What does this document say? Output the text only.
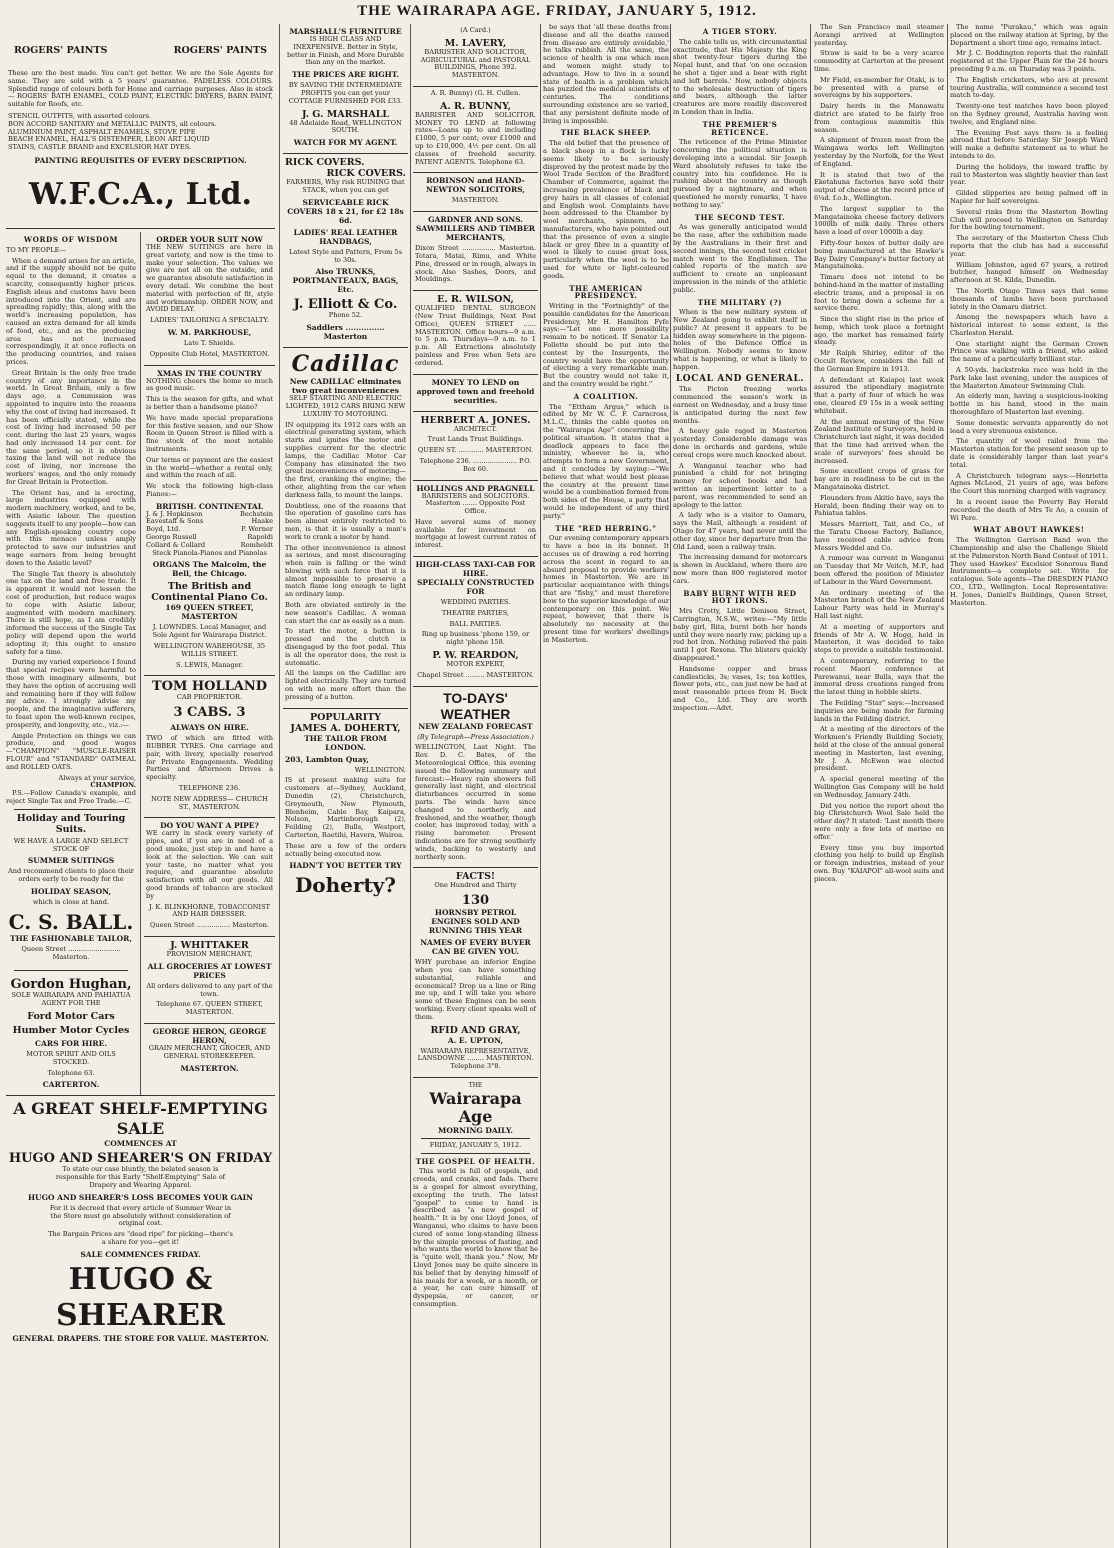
THE WAIRARAPA AGE. FRIDAY, JANUARY 5, 1912.
ROGERS' PAINTS	ROGERS' PAINTS

These are the best made. You can't get better. We are the Sole Agents for same. They are sold with a 5 years' guarantee. FADELESS COLOURS. Splendid range of colours both for Home and carriage purposes. Also in stock — ROGERS' BATH ENAMEL, COLD PAINT, ELECTRIC DRYERS, BARN PAINT, suitable for Roofs, etc.

STENCIL OUTFITS, with assorted colours.
BON ACCORD SANITARY and METALLIC PAINTS, all colours.
ALUMINIUM PAINT, ASPHALT ENAMELS, STOVE PIPE
BEACH ENAMEL, HALL'S DISTEMPER, LEON ART LIQUID
STAINS, CASTLE BRAND and EXCELSIOR HAT DYES.

PAINTING REQUISITES OF EVERY DESCRIPTION.

W.F.C.A., Ltd.
WORDS OF WISDOM

TO MY PEOPLE—

When a demand arises for an article, and if the supply should not be quite equal to the demand, it creates a scarcity, consequently higher prices. English ideas and customs have been introduced into the Orient, and are spreading rapidly; this, along with the world's increasing population, has caused an extra demand for all kinds of food, etc., and as the producing area has not increased correspondingly, it at once reflects on the producing countries, and raises prices.

Great Britain is the only free trade country of any importance in the world. In Great Britain, only a few days ago, a Commission was appointed to inquire into the reasons why the cost of living had increased. It has been officially stated, while the cost of living had increased 50 per cent. during the last 25 years, wages had only increased 14 per cent. for the same period, so it is obvious taxing the land will not reduce the cost of living, nor increase the workers' wages, and the only remedy for Great Britain is Protection.

The Orient has, and is erecting, large industries equipped with modern machinery, worked, and to be, with Asiatic labour. The question suggests itself to any people—how can any English-speaking country cope with this menace unless amply protected to save our industries and wage earners from being brought down to the Asiatic level?

The Single Tax theory is absolutely one tax on the land and free trade. It is apparent it would not lessen the cost of production, but reduce wages to cope with Asiatic labour, augmented with modern machinery. There is still hope, as I am credibly informed the success of the Single Tax policy will depend upon the world adopting it; this ought to ensure safety for a time.

During my varied experience I found that special recipes were harmful to those with imaginary ailments, but they have the option of accrusing well and remaining here if they will follow my advice. I strongly advise my people, and the imaginative sufferers, to feast upon the well-known recipes, prosperity, and longevity, etc., viz.:—

Ample Protection on things we can produce, and good wages—"CHAMPION" "MUSCLE-RAISER FLOUR" and "STANDARD" OATMEAL and ROLLED OATS.

Always at your service,
CHAMPION.

P.S.—Follow Canada's example, and reject Single Tax and Free Trade.—C.

Holiday and Touring Suits.

WE HAVE A LARGE AND SELECT STOCK OF

SUMMER SUITINGS

And recommend clients to place their orders early to be ready for the

HOLIDAY SEASON,

which is close at hand.

C. S. BALL.

THE FASHIONABLE TAILOR,

Queen Street ......................... Masterton.

Gordon Hughan,

SOLE WAIRARAPA AND PAHIATUA AGENT FOR THE

Ford Motor Cars

Humber Motor Cycles

CARS FOR HIRE.

MOTOR SPIRIT AND OILS STOCKED.

Telephone 63.

CARTERTON.

ORDER YOUR SUIT NOW

THE NEW SUITINGS are here in great variety, and now is the time to make your selection. The values we give are not all on the outside, and we guarantee absolute satisfaction in every detail. We combine the best material with perfection of fit, style and workmanship. ORDER NOW, and AVOID DELAY.

LADIES' TAILORING A SPECIALTY.

W. M. PARKHOUSE,

Late T. Shields.

Opposite Club Hotel, MASTERTON.

XMAS IN THE COUNTRY

NOTHING cheers the home so much as good music.

This is the season for gifts, and what is better than a handsome piano?

We have made special preparations for this festive season, and our Show Room in Queen Street is filled with a fine stock of the most notable instruments.

Our terms or payment are the easiest in the world—whether a rental only, and within the reach of all.

We stock the following high-class Pianos:—

BRITISH. CONTINENTAL
J. & J. Hopkinson	Bechstein
Eavestaff & Sons	Haake
Boyd, Ltd.	P. Werner
George Russell	Rapoldi
Collard & Collard	Romheldt

Steck Pianola-Pianos and Pianolas

ORGANS The Malcolm, the Bell, the Chicago.

The British and Continental Piano Co.

169 QUEEN STREET, MASTERTON

J. LOWNDES. Local Manager, and Sole Agent for Wairarapa District.

WELLINGTON WAREHOUSE, 35 WILLIS STREET.

S. LEWIS, Manager.

TOM HOLLAND

CAB PROPRIETOR.

3 CABS. 3

ALWAYS ON HIRE.

TWO of which are fitted with RUBBER TYRES. One carriage and pair, with livery, specially reserved for Private Engagements. Wedding Parties and Afternoon Drives a specialty.

TELEPHONE 236.

NOTE NEW ADDRESS— CHURCH ST., MASTERTON.

DO YOU WANT A PIPE?

WE carry in stock every variety of pipes, and if you are in need of a good smoke, just step in and have a look at the selection. We can suit your taste, no matter what you require, and guarantee absolute satisfaction with all our goods. All good brands of tobacco are stocked by

J. K. BLINKHORNE, TOBACCONIST AND HAIR DRESSER.

Queen Street ................ Masterton.

J. WHITTAKER

PROVISION MERCHANT,

ALL GROCERIES AT LOWEST PRICES

All orders delivered to any part of the town.

Telephone 67. QUEEN STREET, MASTERTON.

GEORGE HERON, GEORGE HERON,

GRAIN MERCHANT, GROCER, AND GENERAL STOREKEEPER.

MASTERTON.

A GREAT SHELF-EMPTYING SALE

COMMENCES AT

HUGO AND SHEARER'S ON FRIDAY

To state our case bluntly, the belated season is responsible for this Early "Shelf-Emptying" Sale of Drapery and Wearing Apparel.

HUGO AND SHEARER'S LOSS BECOMES YOUR GAIN

For it is decreed that every article of Summer Wear in the Store must go absolutely without consideration of original cost.

The Bargain Prices are "dead ripe" for picking—there's a share for you—get it!

SALE COMMENCES FRIDAY.

HUGO & SHEARER

GENERAL DRAPERS. THE STORE FOR VALUE. MASTERTON.

MARSHALL'S FURNITURE

IS HIGH CLASS AND INEXPENSIVE. Better in Style, better in Finish, and More Durable than any on the market.

THE PRICES ARE RIGHT.

BY SAVING THE INTERMEDIATE PROFITS you can get your COTTAGE FURNISHED FOR £33.

J. G. MARSHALL

48 Adelaide Road, WELLINGTON SOUTH.

WATCH FOR MY AGENT.

RICK COVERS.
RICK COVERS.

FARMERS, Why risk RUINING that STACK, when you can get

SERVICEABLE RICK COVERS 18 x 21, for £2 18s 6d.

LADIES' REAL LEATHER HANDBAGS,

Latest Style and Pattern, From 5s to 30s.

Also TRUNKS, PORTMANTEAUX, BAGS, Etc.

J. Elliott & Co.

Phone 52.

Saddlers ............... Masterton

Cadillac
New CADILLAC eliminates two great inconveniences

SELF STARTING AND ELECTRIC LIGHTED, 1912 CARS BRING NEW LUXURY TO MOTORING.

IN equipping its 1912 cars with an electrical generating system, which starts and ignites the motor and supplies current for the electric lamps, the Cadillac Motor Car Company has eliminated the two great inconveniences of motoring—the first, cranking the engine; the other, alighting from the car when darkness falls, to mount the lamps.

Doubtless, one of the reasons that the operation of gasoline cars has been almost entirely restricted to men, is that it is usually a man's work to crank a motor by hand.

The other inconvenience is almost as serious, and most discouraging when rain is falling or the wind blowing with such force that it is almost impossible to preserve a match flame long enough to light an ordinary lamp.

Both are obviated entirely in the new season's Cadillac. A woman can start the car as easily as a man.

To start the motor, a button is pressed and the clutch is disengaged by the foot pedal. This is all the operator does, the rest is automatic.

All the lamps on the Cadillac are lighted electrically. They are turned on with no more effort than the pressing of a button.

POPULARITY
JAMES A. DOHERTY,

THE TAILOR FROM LONDON.

203, Lambton Quay,

WELLINGTON.

IS at present making suits for customers at—Sydney, Auckland, Dunedin (2), Christchurch, Greymouth, New Plymouth, Blenheim, Cable Bay, Kaipara, Nelson, Martinborough (2), Feilding (2), Bulls, Westport, Carterton, Raetihi, Havera, Wairoa.

These are a few of the orders actually being executed now.

HADN'T YOU BETTER TRY

Doherty?

(A Card.)

M. LAVERY,

BARRISTER AND SOLICITOR, AGRICULTURAL and PASTORAL BUILDINGS, Phone 392. MASTERTON.

A. R. Bunny) (G. H. Cullen.

A. R. BUNNY,

BARRISTER AND SOLICITOR. MONEY TO LEND at following rates—Loans up to and including £1000, 5 per cent; over £1000 and up to £10,000, 4½ per cent. On all classes of freehold security. PATENT AGENTS. Telephone 63.

ROBINSON and HAND-NEWTON SOLICITORS,

MASTERTON.

GARDNER AND SONS. SAWMILLERS AND TIMBER MERCHANTS,

Dixon Street ................ Masterton. Totara, Matai, Rimu, and White Pine, dressed or in rough, always in stock. Also Sashes, Doors, and Mouldings.

E. R. WILSON,

QUALIFIED DENTAL SURGEON (New Trust Buildings, Next Post Office), QUEEN STREET ...... MASTERTON. Office hours—9 a.m. to 5 p.m. Thursdays—9 a.m. to 1 p.m. All Extractions absolutely painless and Free when Sets are ordered.

MONEY TO LEND on approved town and freehold securities.

HERBERT A. JONES.

ARCHITECT.

Trust Lands Trust Buildings.

QUEEN ST. ............ MASTERTON.

Telephone 236. ..................... P.O. Box 60.

HOLLINGS AND PRAGNELL

BARRISTERS and SOLICITORS. Masterton ....... Opposite Post Office.

Have several sums of money available for investment on mortgage at lowest current rates of interest.

HIGH-CLASS TAXI-CAB FOR HIRE.

SPECIALLY CONSTRUCTED FOR

WEDDING PARTIES.

THEATRE PARTIES,

BALL PARTIES.

Ring up business 'phone 159, or night 'phone 158.

P. W. REARDON,

MOTOR EXPERT,

Chapel Street ......... MASTERTON.

TO-DAYS' WEATHER

NEW ZEALAND FORECAST

(By Telegraph—Press Association.)

WELLINGTON, Last Night. The Rev. D. C. Bates, of the Meteorological Office, this evening issued the following summary and forecast:—Heavy rain showers fell generally last night, and electrical disturbances occurred in some parts. The winds have since changed to northerly, and freshened, and the weather, though cooler, has improved today, with a rising barometer. Present indications are for strong southerly winds, backing to westerly and northerly soon.

FACTS!

One Hundred and Thirty

130

HORNSBY PETROL ENGINES SOLD AND RUNNING THIS YEAR

NAMES OF EVERY BUYER CAN BE GIVEN YOU.

WHY purchase an inferior Engine when you can have something substantial, reliable and economical? Drop us a line or Ring me up, and I will take you where some of these Engines can be seen working. Every client speaks well of them.

RFID AND GRAY,

A. E. UPTON,

WAIRARAPA REPRESENTATIVE, LANSDOWNE ........ MASTERTON. Telephone 3°8.

THE
Wairarapa Age
MORNING DAILY.
FRIDAY, JANUARY 5, 1912.
THE GOSPEL OF HEALTH.

This world is full of gospels, and creeds, and cranks, and fads. There is a gospel for almost everything, excepting the truth. The latest "gospel" to come to hand is described as "a new gospel of health." It is by one Lloyd Jones, of Wanganui, who claims to have been cured of some long-standing illness by the simple process of fasting, and who wants the world to know that he is "quite well, thank you." Now, Mr Lloyd Jones may be quite sincere in his belief that by denying himself of his meals for a week, or a month, or a year, he can cure himself of dyspepsia, or cancer, or consumption.

be says that 'all these deaths from disease and all the deaths caused from disease are entirely avoidable,' he talks rubbish. All the same, the science of health is one which men and women might study to advantage. How to live in a sound state of health is a problem which has puzzled the medical scientists of centuries. The conditions surrounding existence are so varied, that any persistent definite mode of living is impossible.

THE BLACK SHEEP.

The old belief that the presence of a black sheep in a flock is lucky seems likely to be seriously disproved by the protest made by the Wool Trade Section of the Bradford Chamber of Commerce, against the increasing prevalence of black and grey hairs in all classes of colonial and English wool. Complaints have been addressed to the Chamber by wool merchants, spinners, and manufacturers, who have pointed out that the presence of even a single black or grey fibre in a quantity of wool is likely to cause great loss, particularly when the wool is to be used for white or light-coloured goods.

THE AMERICAN PRESIDENCY.

Writing in the "Fortnightly" of the possible candidates for the American Presidency, Mr H. Hamilton Fyfe says:—"Let one more possibility remain to be noticed. If Senator La Follette should be put into the contest by the Insurgents, the country would have the opportunity of electing a very remarkable man. But the country would not take it, and the country would be right."

A COALITION.

The "Ettham Argus," which is edited by Mr W. C. F. Carncross, M.L.C., thinks the cable quotes on the "Wairarapa Age" concerning the political situation. It states that a deadlock appears to face the ministry, whoever he is, who attempts to form a new Government, and it concludes by saying:—"We believe that what would best please the country at the present time would be a combination formed from both sides of the House, a party that would be independent of any third party."

THE "RED HERRING."

Our evening contemporary appears to have a bee in its bonnet. It accuses us of drawing a red herring across the scent in regard to an absurd proposal to provide workers' homes in Masterton. We are in particular acquaintance with things that are "fishy," and must therefore bow to the superior knowledge of our contemporary on this point. We repeat, however, that there is absolutely no necessity at the present time for workers' dwellings in Masterton.

A TIGER STORY.

The cable tells us, with circumstantial exactitude, that His Majesty the King shot twenty-four tigers during the Nepal hunt, and that 'on one occasion he shot a tiger and a bear with right and left barrels.' Now, nobody objects to the wholesale destruction of tigers and bears, although the latter creatures are more readily discovered in London than in India.

THE PREMIER'S RETICENCE.

The reticence of the Prime Minister concerning the political situation is developing into a scandal. Sir Joseph Ward absolutely refuses to take the country into his confidence. He is rushing about the country as though pursued by a nightmare, and when questioned he merely remarks, 'I have nothing to say.'

THE SECOND TEST.

As was generally anticipated would be the case, after the exhibition made by the Australians in their first and second innings, the second test cricket match went to the Englishmen. The cabled reports of the match are sufficient to create an unpleasant impression in the minds of the athletic public.

THE MILITARY (?)

When is the new military system of New Zealand going to exhibit itself in public? At present it appears to be hidden away somewhere in the pigeon-holes of the Defence Office in Wellington. Nobody seems to know what is happening, or what is likely to happen.

LOCAL AND GENERAL.

The Picton freezing works commenced the season's work in earnest on Wednesday, and a busy time is anticipated during the next few months.

A heavy gale raged in Masterton yesterday. Considerable damage was done in orchards and gardens, while cereal crops were much knocked about.

A Wanganui teacher who had punished a child for not bringing money for school books and had written an impertinent letter to a parent, was recommended to send an apology to the latter.

A lady who is a visitor to Oamaru, says the Mail, although a resident of Otago for 47 years, had never until the other day, since her departure from the Old Land, seen a railway train.

The increasing demand for motorcars is shown in Auckland, where there are now more than 800 registered motor cars.

BABY BURNT WITH RED HOT IRONS.

Mrs Crotty, Little Denison Street, Carrington, N.S.W., writes:—"My little baby girl, Rita, burnt both her hands until they were nearly raw, picking up a red hot iron. Nothing relieved the pain until I got Rexona. The blisters quickly disappeared."

Handsome copper and brass candlesticks, 3s; vases, 1s; tea kettles, flower pots, etc., can just now be had at most reasonable prices from H. Bock and Co., Ltd. They are worth inspection.—Advt.

The San Francisco mail steamer Aorangi arrived at Wellington yesterday.

Straw is said to be a very scarce commodity at Carterton at the present time.

Mr Field, ex-member for Otaki, is to be presented with a purse of sovereigns by his supporters.

Dairy herds in the Manawatu district are stated to be fairly free from contagious mammitis this season.

A shipment of frozen meat from the Waingawa works left Wellington yesterday by the Norfolk, for the West of England.

It is stated that two of the Eketahuna factories have sold their output of cheese at the record price of 6¼d. f.o.b., Wellington.

The largest supplier to the Mangatainoka cheese factory delivers 1000lb of milk daily. Three others have a load of over 1000lb a day.

Fifty-four boxes of butter daily are being manufactured at the Hawke's Bay Dairy Company's butter factory at Mangatainoka.

Timaru does not intend to be behind-hand in the matter of installing electric trams, and a proposal is on foot to bring down a scheme for a service there.

Since the slight rise in the price of hemp, which took place a fortnight ago, the market has remained fairly steady.

Mr Ralph Shirley, editor of the Occult Review, considers the fall of the German Empire in 1913.

A defendant at Kaiapoi last week assured the stipendiary magistrate that a party of four of which he was one, cleared £9 15s in a week setting whitebait.

At the annual meeting of the New Zealand Institute of Surveyors, held in Christchurch last night, it was decided that the time had arrived when the scale of surveyors' fees should be increased.

Some excellent crops of grass for hay are in readiness to be cut in the Mangatainoka district.

Flounders from Akitio have, says the Herald, been finding their way on to Pahiatua tables.

Messrs Marriott, Tait, and Co., of the Taratu Cheese Factory, Ballance, have received cable advice from Messrs Weddel and Co.

A rumour was current in Wanganui on Tuesday that Mr Veitch, M.P., had been offered the position of Minister of Labour in the Ward Government.

An ordinary meeting of the Masterton branch of the New Zealand Labour Party was held in Murray's Hall last night.

At a meeting of supporters and friends of Mr A. W. Hogg, held in Masterton, it was decided to take steps to provide a suitable testimonial.

A contemporary, referring to the recent Maori conference at Parewanui, near Bulls, says that the immoral dress creations ranged from the latest thing in hobble skirts.

The Feilding "Star" says:—Increased inquiries are being made for farming lands in the Feilding district.

At a meeting of the directors of the Workmen's Friendly Building Society, held at the close of the annual general meeting in Masterton, last evening, Mr J. A. McEwen was elected president.

A special general meeting of the Wellington Gas Company will be held on Wednesday, January 24th.

Did you notice the report about the big Christchurch Wool Sale held the other day? It stated: 'Last month there were only a few lots of merino on offer.'

Every time you buy imported clothing you help to build up English or foreign industries, instead of your own. Buy "KAIAPOI" all-wool suits and pieces.

The name "Purakau," which was again placed on the railway station at Spring, by the Department a short time ago, remains intact.

Mr J. C. Boddington reports that the rainfall registered at the Upper Plain for the 24 hours preceding 9 a.m. on Thursday was 3 points.

The English cricketers, who are at present touring Australia, will commence a second test match to-day.

Twenty-one test matches have been played on the Sydney ground, Australia having won twelve, and England nine.

The Evening Post says there is a feeling abroad that before Saturday Sir Joseph Ward will make a definite statement as to what he intends to do.

During the holidays, the inward traffic by rail to Masterton was slightly heavier than last year.

Gilded slipperies are being palmed off in Napier for half sovereigns.

Several rinks from the Masterton Bowling Club will proceed to Wellington on Saturday for the bowling tournament.

The secretary of the Masterton Chess Club reports that the club has had a successful year.

William Johnston, aged 67 years, a retired butcher, hanged himself on Wednesday afternoon at St. Kilda, Dunedin.

The North Otago Times says that some thousands of lambs have been purchased lately in the Oamaru district.

Among the newspapers which have a historical interest to some extent, is the Charleston Herald.

One starlight night the German Crown Prince was walking with a friend, who asked the name of a particularly brilliant star.

A 50-yds. backstroke race was held in the Park lake last evening, under the auspices of the Masterton Amateur Swimming Club.

An elderly man, having a suspicious-looking bottle in his hand, stood in the main thoroughfare of Masterton last evening.

Some domestic servants apparently do not lead a very strenuous existence.

The quantity of wool railed from the Masterton station for the present season up to date is considerably larger than last year's total.

A Christchurch telegram says:—Henrietta Agnes McLeod, 21 years of age, was before the Court this morning charged with vagrancy.

In a recent issue the Poverty Bay Herald recorded the death of Mrs Te Ao, a cousin of Wi Pere.

WHAT ABOUT HAWKES!

The Wellington Garrison Band won the Championship and also the Challenge Shield at the Palmerston North Band Contest of 1911. They used Hawkes' Excelsior Sonorous Band Instruments—a complete set. Write for catalogue. Sole agents—The DRESDEN PIANO CO., LTD., Wellington. Local Representative: H. Jones, Daniell's Buildings, Queen Street, Masterton.
